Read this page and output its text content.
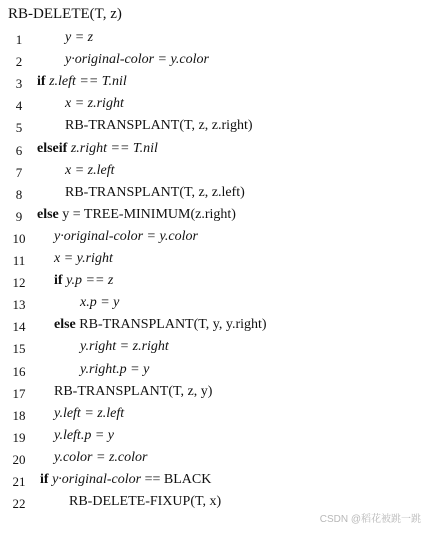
RB-DELETE(T, z)
1	y = z
2	y·original-color = y.color
3	if z.left == T.nil
4	x = z.right
5	RB-TRANSPLANT(T, z, z.right)
6	elseif z.right == T.nil
7	x = z.left
8	RB-TRANSPLANT(T, z, z.left)
9	else y = TREE-MINIMUM(z.right)
10 y·original-color = y.color
11 x = y.right
12 if y.p == z
13	x.p = y
14 else RB-TRANSPLANT(T, y, y.right)
15	y.right = z.right
16	y.right.p = y
17 RB-TRANSPLANT(T, z, y)
18 y.left = z.left
19 y.left.p = y
20 y.color = z.color
21 if y·original-color == BLACK
22	RB-DELETE-FIXUP(T, x)
CSDN @稻花被跳一跳
